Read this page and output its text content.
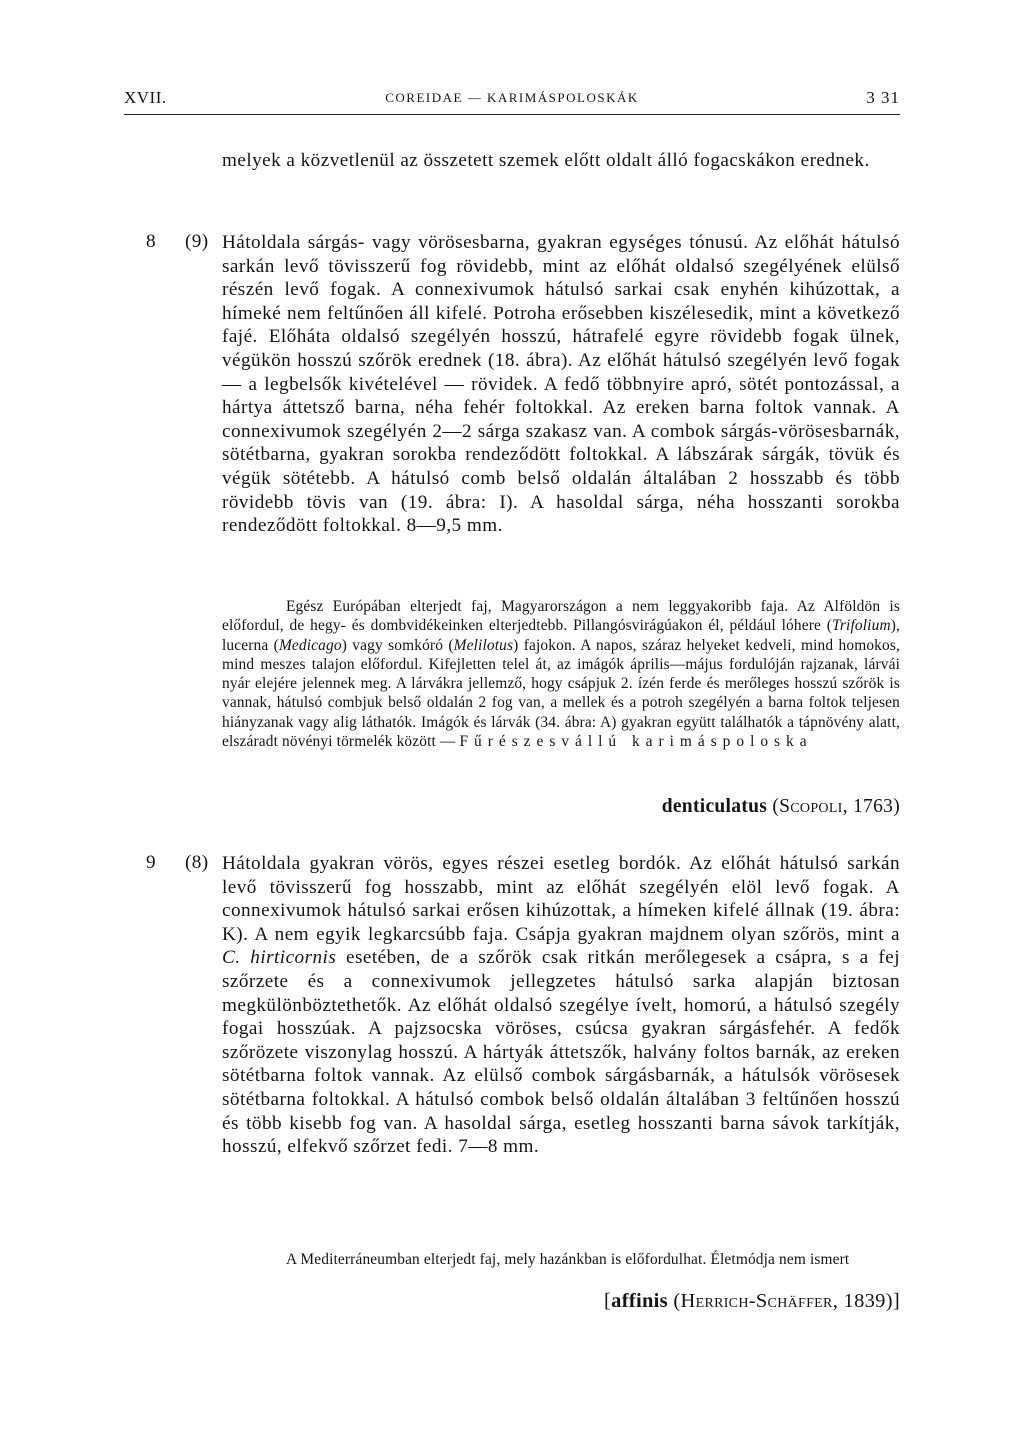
XVII.	COREIDAE — KARIMÁSPOLOSKÁK	3 31

melyek a közvetlenül az összetett szemek előtt oldalt álló fogacskákon erednek.

8 (9) Hátoldala sárgás- vagy vörösesbarna, gyakran egységes tónusú. Az előhát hátulsó sarkán levő tövisszerű fog rövidebb, mint az előhát oldalsó szegélyének elülső részén levő fogak. A connexivumok hátulsó sarkai csak enyhén kihúzottak, a hímeké nem feltűnően áll kifelé. Potroha erősebben kiszélesedik, mint a következő fajé. Előháta oldalsó szegélyén hosszú, hátrafelé egyre rövidebb fogak ülnek, végükön hosszú szőrök erednek (18. ábra). Az előhát hátulsó szegélyén levő fogak — a legbelsők kivételével — rövidek. A fedő többnyire apró, sötét pontozással, a hártya áttetsző barna, néha fehér foltokkal. Az ereken barna foltok vannak. A connexivumok szegélyén 2—2 sárga szakasz van. A combok sárgás-vörösesbarnák, sötétbarna, gyakran sorokba rendeződött foltokkal. A lábszárak sárgák, tövük és végük sötétebb. A hátulsó comb belső oldalán általában 2 hosszabb és több rövidebb tövis van (19. ábra: I). A hasoldal sárga, néha hosszanti sorokba rendeződött foltokkal. 8—9,5 mm.

Egész Európában elterjedt faj, Magyarországon a nem leggyakoribb faja. Az Alföldön is előfordul, de hegy- és dombvidékeinken elterjedtebb. Pillangósvirágúakon él, például lóhere (Trifolium), lucerna (Medicago) vagy somkóró (Melilotus) fajokon. A napos, száraz helyeket kedveli, mind homokos, mind meszes talajon előfordul. Kifejletten telel át, az imágók április—május fordulóján rajzanak, lárvái nyár elejére jelennek meg. A lárvákra jellemző, hogy csápjuk 2. ízén ferde és merőleges hosszú szőrök is vannak, hátulsó combjuk belső oldalán 2 fog van, a mellek és a potroh szegélyén a barna foltok teljesen hiányzanak vagy alig láthatók. Imágók és lárvák (34. ábra: A) gyakran együtt találhatók a tápnövény alatt, elszáradt növényi törmelék között — Fűrészesvállú karimáspoloska

denticulatus (Scopoli, 1763)
9 (8) Hátoldala gyakran vörös, egyes részei esetleg bordók. Az előhát hátulsó sarkán levő tövisszerű fog hosszabb, mint az előhát szegélyén elöl levő fogak. A connexivumok hátulsó sarkai erősen kihúzottak, a hímeken kifelé állnak (19. ábra: K). A nem egyik legkarcsúbb faja. Csápja gyakran majdnem olyan szőrös, mint a C. hirticornis esetében, de a szőrök csak ritkán merőlegesek a csápra, s a fej szőrzete és a connexivumok jellegzetes hátulsó sarka alapján biztosan megkülönböztethetők. Az előhát oldalsó szegélye ívelt, homorú, a hátulsó szegély fogai hosszúak. A pajzsocska vöröses, csúcsa gyakran sárgásfehér. A fedők szőrözete viszonylag hosszú. A hártyák áttetszők, halvány foltos barnák, az ereken sötétbarna foltok vannak. Az elülső combok sárgásbarnák, a hátulsók vörösesek sötétbarna foltokkal. A hátulsó combok belső oldalán általában 3 feltűnően hosszú és több kisebb fog van. A hasoldal sárga, esetleg hosszanti barna sávok tarkítják, hosszú, elfekvő szőrzet fedi. 7—8 mm.

A Mediterráneumban elterjedt faj, mely hazánkban is előfordulhat. Életmódja nem ismert

[affinis (Herrich-Schäffer, 1839)]
